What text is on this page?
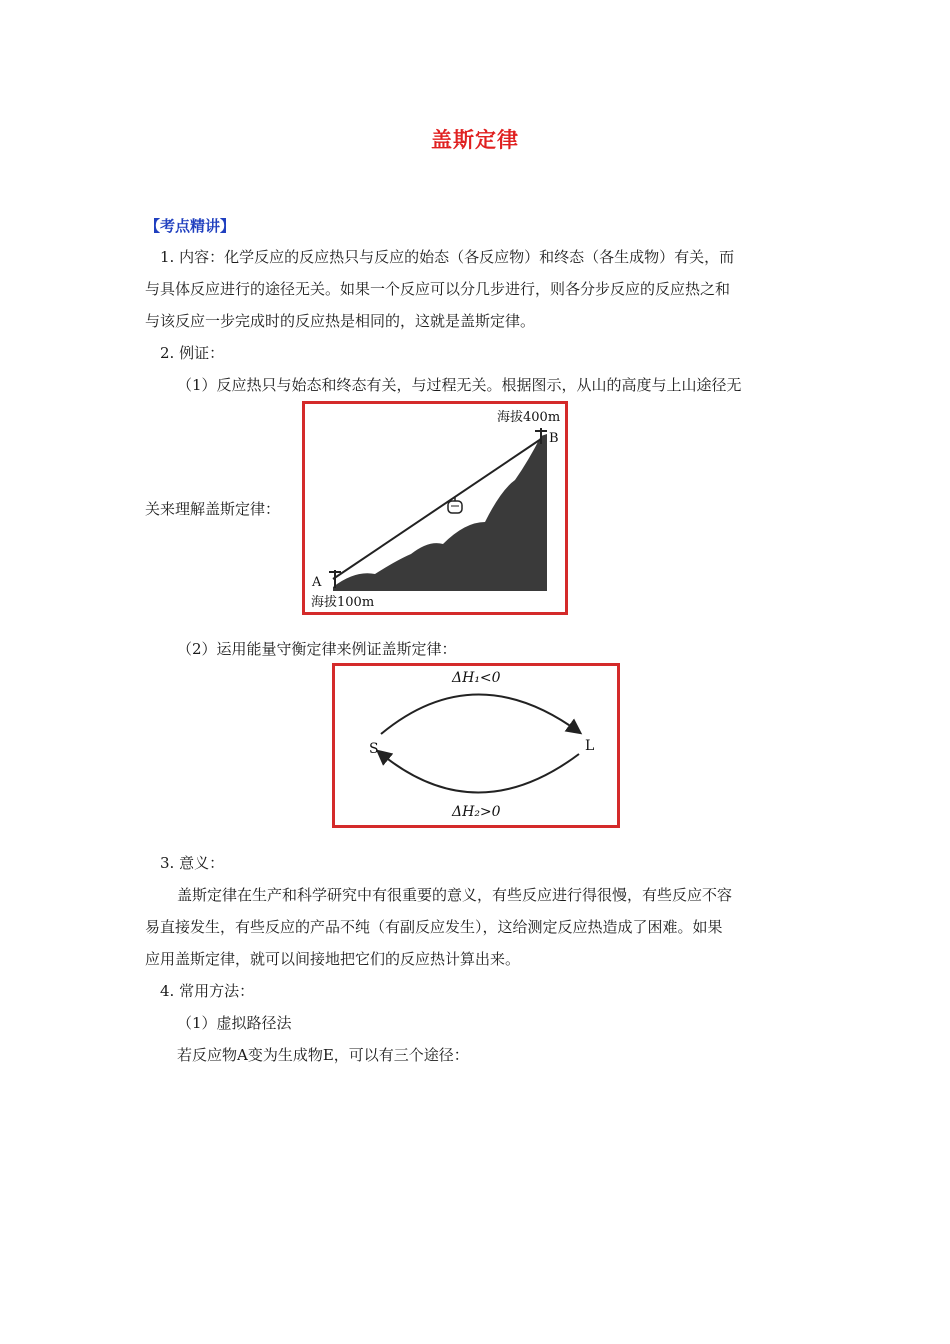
盖斯定律
【考点精讲】
1. 内容：化学反应的反应热只与反应的始态（各反应物）和终态（各生成物）有关，而
与具体反应进行的途径无关。如果一个反应可以分几步进行，则各分步反应的反应热之和
与该反应一步完成时的反应热是相同的，这就是盖斯定律。
2. 例证：
（1）反应热只与始态和终态有关，与过程无关。根据图示，从山的高度与上山途径无
关来理解盖斯定律：
海拔400m
B
A
海拔100m
（2）运用能量守衡定律来例证盖斯定律：
ΔH₁<0
ΔH₂>0
S	L
3. 意义：
盖斯定律在生产和科学研究中有很重要的意义，有些反应进行得很慢，有些反应不容
易直接发生，有些反应的产品不纯（有副反应发生），这给测定反应热造成了困难。如果
应用盖斯定律，就可以间接地把它们的反应热计算出来。
4. 常用方法：
（1）虚拟路径法
若反应物A变为生成物E，可以有三个途径：
